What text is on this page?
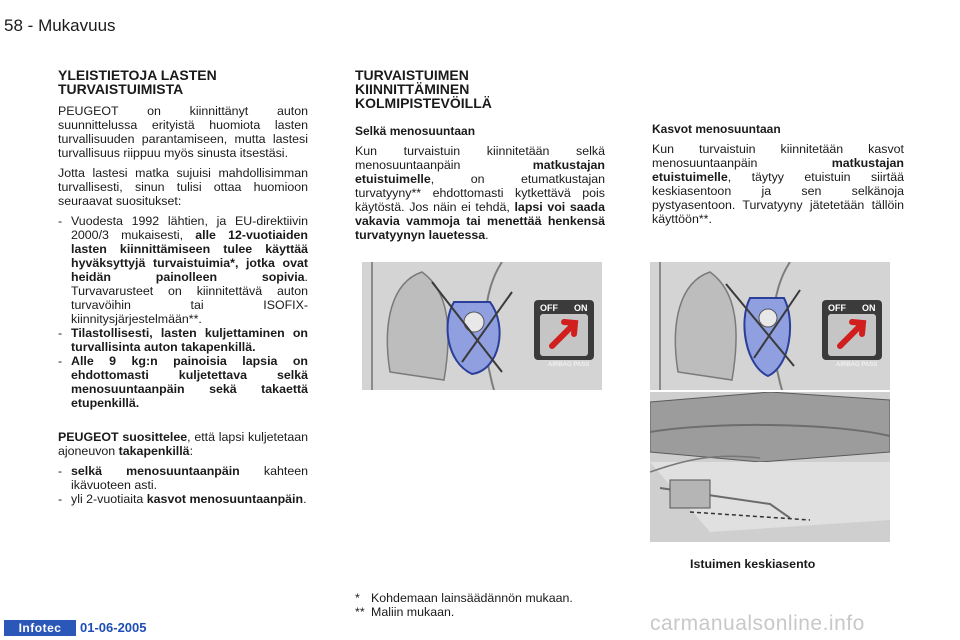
58 - Mukavuus
YLEISTIETOJA LASTEN TURVAISTUIMISTA

PEUGEOT on kiinnittänyt auton suunnittelussa erityistä huomiota lasten turvallisuuden parantamiseen, mutta lastesi turvallisuus riippuu myös sinusta itsestäsi.

Jotta lastesi matka sujuisi mahdollisimman turvallisesti, sinun tulisi ottaa huomioon seuraavat suositukset:

- Vuodesta 1992 lähtien, ja EU-direktiivin 2000/3 mukaisesti, alle 12-vuotiaiden lasten kiinnittämiseen tulee käyttää hyväksyttyjä turvaistuimia*, jotka ovat heidän painolleen sopivia. Turvavarusteet on kiinnitettävä auton turvavöihin tai ISOFIX-kiinnitysjärjestelmään**.
- Tilastollisesti, lasten kuljettaminen on turvallisinta auton takapenkillä.
- Alle 9 kg:n painoisia lapsia on ehdottomasti kuljetettava selkä menosuuntaanpäin sekä takaettä etupenkillä.

PEUGEOT suosittelee, että lapsi kuljetetaan ajoneuvon takapenkillä:

- selkä menosuuntaanpäin kahteen ikävuoteen asti.
- yli 2-vuotiaita kasvot menosuuntaanpäin.
TURVAISTUIMEN KIINNITTÄMINEN KOLMIPISTEVÖILLÄ
Selkä menosuuntaan

Kun turvaistuin kiinnitetään selkä menosuuntaanpäin matkustajan etuistuimelle, on etumatkustajan turvatyyny** ehdottomasti kytkettävä pois käytöstä. Jos näin ei tehdä, lapsi voi saada vakavia vammoja tai menettää henkensä turvatyynyn lauetessa.

Kasvot menosuuntaan

Kun turvaistuin kiinnitetään kasvot menosuuntaanpäin matkustajan etuistuimelle, täytyy etuistuin siirtää keskiasentoon ja sen selkänoja pystyasentoon. Turvatyyny jätetetään tällöin käyttöön**.

OFF ON
AIRBAG PASS
OFF ON
AIRBAG PASS
Istuimen keskiasento
* Kohdemaan lainsäädännön mukaan.
** Maliin mukaan.
Infotec	01-06-2005	carmanualsonline.info
